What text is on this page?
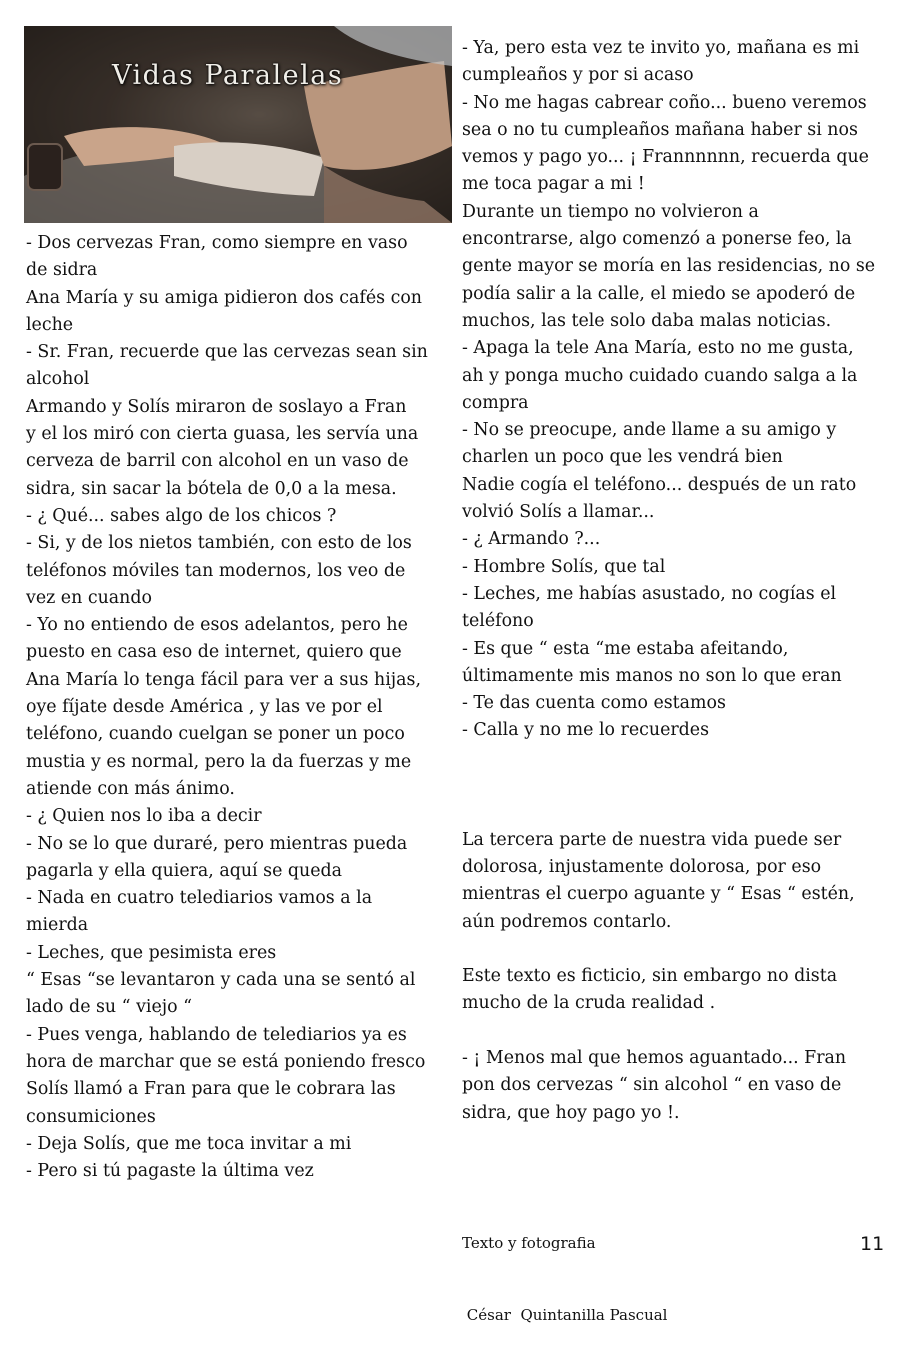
Vidas Paralelas
- Dos cervezas Fran, como siempre en vaso
de sidra
Ana María y su amiga pidieron dos cafés con
leche
- Sr. Fran, recuerde que las cervezas sean sin
alcohol
Armando y Solís miraron de soslayo a Fran
y el los miró con cierta guasa, les servía una
cerveza de barril con alcohol en un vaso de
sidra, sin sacar la bótela de 0,0 a la mesa.
- ¿ Qué... sabes algo de los chicos ?
- Si, y de los nietos también, con esto de los
teléfonos móviles tan modernos, los veo de
vez en cuando
- Yo no entiendo de esos adelantos, pero he
puesto en casa eso de internet, quiero que
Ana María lo tenga fácil para ver a sus hijas,
oye fíjate desde América , y las ve por el
teléfono, cuando cuelgan se poner un poco
mustia y es normal, pero la da fuerzas y me
atiende con más ánimo.
- ¿ Quien nos lo iba a decir
- No se lo que duraré, pero mientras pueda
pagarla y ella quiera, aquí se queda
- Nada en cuatro telediarios vamos a la
mierda
- Leches, que pesimista eres
“ Esas “se levantaron y cada una se sentó al
lado de su “ viejo “
- Pues venga, hablando de telediarios ya es
hora de marchar que se está poniendo fresco
Solís llamó a Fran para que le cobrara las
consumiciones
- Deja Solís, que me toca invitar a mi
- Pero si tú pagaste la última vez
- Ya, pero esta vez te invito yo, mañana es mi
cumpleaños y por si acaso
- No me hagas cabrear coño... bueno veremos
sea o no tu cumpleaños mañana haber si nos
vemos y pago yo... ¡ Frannnnnn, recuerda que
me toca pagar a mi !
Durante un tiempo no volvieron a
encontrarse, algo comenzó a ponerse feo, la
gente mayor se moría en las residencias, no se
podía salir a la calle, el miedo se apoderó de
muchos, las tele solo daba malas noticias.
- Apaga la tele Ana María, esto no me gusta,
ah y ponga mucho cuidado cuando salga a la
compra
- No se preocupe, ande llame a su amigo y
charlen un poco que les vendrá bien
Nadie cogía el teléfono... después de un rato
volvió Solís a llamar...
- ¿ Armando ?...
- Hombre Solís, que tal
- Leches, me habías asustado, no cogías el
teléfono
- Es que “ esta “me estaba afeitando,
últimamente mis manos no son lo que eran
- Te das cuenta como estamos
- Calla y no me lo recuerdes
La tercera parte de nuestra vida puede ser
dolorosa, injustamente dolorosa, por eso
mientras el cuerpo aguante y “ Esas “ estén,
aún podremos contarlo.
Este texto es ficticio, sin embargo no dista
mucho de la cruda realidad .
- ¡ Menos mal que hemos aguantado... Fran
pon dos cervezas “ sin alcohol “ en vaso de
sidra, que hoy pago yo !.

Texto y fotografia

César  Quintanilla Pascual

11
